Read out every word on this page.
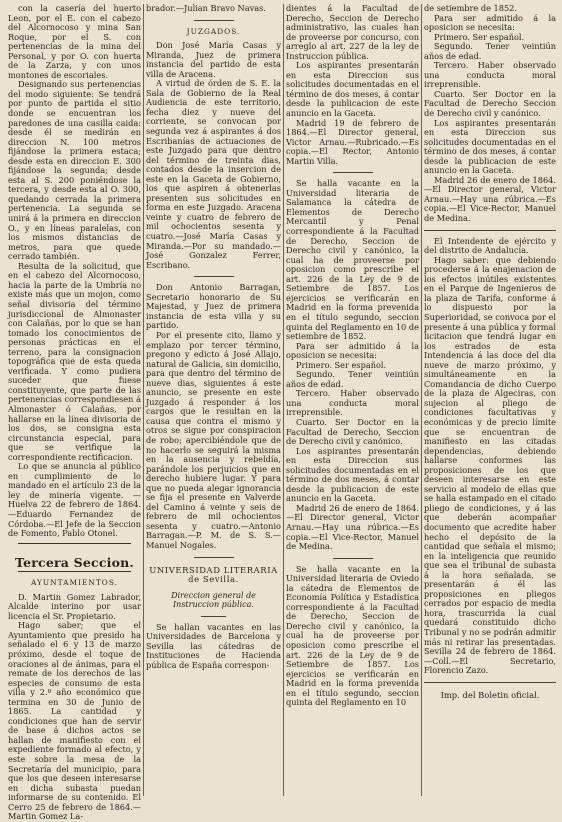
con la casería del huerto Leon, por el E. con el cabezo del Alcornocoso y mina San Roque, por el S. con pertenencias de la mina del Personal, y por O. con huerta de la Zarza, y con unos montones de escoriales.

Designando sus pertenencias del modo siguiente: Se tendrá por punto de partida el sitio donde se encuentran los paredones de una casilla caida: desde él se medirán en direccion N. 100 metros fijándose la primera estaca; desde esta en direccion E. 300 fijándose la segunda; desde esta al S. 200 poniéndose la tercera, y desde esta al O. 300, quedando cerrada la primera pertenencia. La segunda se unirá á la primera en direccion O., y en líneas paralelas, con los mismos distancias de metros, para que quede cerrado también.

Resulta de la solicitud, que en el cabezo del Alcornocoso, hacia la parte de la Umbría no existe más que un mojon, como señal divisoria del término jurisdiccional de Almonaster con Calañas, por lo que se han tomado los conocimientos de personas prácticas en el terreno, para la consignacion topográfica que de esta queda verificada. Y como pudiera suceder que fuese constituyente, que parte de las pertenencias correspondiesen á Almonaster ó Calañas, por hallarse en la línea divisoria de los dos, se consigna esta circunstancia especial, para que se verifique la correspondiente rectificacion.

Lo que se anuncia al público en cumplimiento de lo mandado en el artículo 23 de la ley de minería vigente. —Huelva 22 de febrero de 1864.—Eduardo Fernandez de Córdoba.—El Jefe de la Seccion de Fomento, Pablo Otonel.

Tercera Seccion.
AYUNTAMIENTOS.

D. Martin Gomez Labrador, Alcalde interino por usar licencia el Sr. Propietario.

Hago saber; que el Ayuntamiento que presido ha señalado el 6 y 13 de marzo próximo, desde el toque de oraciones al de ánimas, para el remate de los derechos de las especies de consumo de esta villa y 2.º año económico que termina en 30 de Junio de 1865. La cantidad y condiciones que han de servir de base á dichos actos se hallan de manifiesto con el expediente formado al efecto, y este sobre la mesa de la Secretaría del municipio, para que los que deseen interesarse en dicha subasta puedan informarse de su contenido. El Cerro 25 de febrero de 1864.—Martin Gomez La-

brador.—Julian Bravo Navas.

JUZGADOS.

Don José María Casas y Miranda, Juez de primera instancia del partido de esta villa de Aracena.

A virtud de órden de S. E. la Sala de Gobierno de la Real Audiencia de este territorio, fecha diez y nueve del corriente, se convocan por segunda vez á aspirantes á dos Escribanías de actuaciones de este Juzgado para que dentro del término de treinta dias, contados desde la insercion de este en la Gaceta de Gobierno, los que aspiren á obtenerlas presenten sus solicitudes en forma en este Juzgado. Aracena veinte y cuatro de febrero de mil ochocientos sesenta y cuatro.—José María Casas y Miranda.—Por su mandado.—José Gonzalez Ferrer, Escribano.

Don Antonio Barragan, Secretario honorario de Su Majestad, y Juez de primera instancia de esta villa y su partido.

Por el presente cito, llamo y emplazo por tercer término, pregono y edicto á José Allajo, natural de Galicia, sin domicilio, para que dentro del término de nueve dias, siguientes á este anuncio, se presente en este Juzgado á responder á los cargos que le resultan en la causa que contra el mismo y otros se sigue por conspiracion de robo; apercibiéndole que de no hacerlo se seguirá la misma en la ausencia y rebeldía, parándole los perjuicios que en derecho hubiere lugar. Y para que no pueda alegar ignorancia se fija el presente en Valverde del Camino á veinte y seis de febrero de mil ochocientos sesenta y cuatro.—Antonio Barragan.—P. M. de S. S.—Manuel Nogales.

UNIVERSIDAD LITERARIA de Sevilla.
Direccion general de Instruccion pública.

Se hallan vacantes en las Universidades de Barcelona y Sevilla las cátedras de Instituciones de Hacienda pública de España correspon-

dientes á la Facultad de Derecho, Seccion de Derecho administrativo, las cuales han de proveerse por concurso, con arreglo al art. 227 de la ley de Instruccion pública.

Los aspirantes presentarán en esta Direccion sus solicitudes documentadas en el término de dos meses, á contar desde la publicacion de este anuncio en la Gaceta.

Madrid 19 de febrero de 1864.—El Director general, Victor Arnau.—Rubricado.—Es copia.—El Rector, Antonio Martin Villa.

Se halla vacante en la Universidad literaria de Salamanca la cátedra de Elementos de Derecho Mercantil y Penal correspondiente á la Facultad de Derecho, Seccion de Derecho civil y canónico, la cual ha de proveerse por oposicion como prescribe el art. 226 de la Ley de 9 de Setiembre de 1857. Los ejercicios se verificarán en Madrid en la forma prevenida en el título segundo, seccion quinta del Reglamento en 10 de setiembre de 1852.

Para ser admitido á la oposicion se necesita:

Primero. Ser español.

Segundo. Tener veintiún años de edad.

Tercero. Haber observado una conducta moral irreprensible.

Cuarto. Ser Doctor en la Facultad de Derecho, Seccion de Derecho civil y canónico.

Los aspirantes presentarán en esta Direccion sus solicitudes documentadas en el término de dos meses, á contar desde la publicacion de este anuncio en la Gaceta.

Madrid 26 de enero de 1864.—El Director general, Victor Arnau.—Hay una rúbrica.—Es copia.—El Vice-Rector, Manuel de Medina.

Se halla vacante en la Universidad literaria de Oviedo la cátedra de Elementos de Economía Política y Estadística correspondiente á la Facultad de Derecho, Seccion de Derecho civil y canónico, la cual ha de proveerse por oposicion como prescribe el art. 226 de la Ley de 9 de Setiembre de 1857. Los ejercicios se verificarán en Madrid en la forma prevenida en el título segundo, seccion quinta del Reglamento en 10

de setiembre de 1852.

Para ser admitido á la oposicion se necesita:

Primero. Ser español.

Segundo. Tener veintiún años de edad.

Tercero. Haber observado una conducta moral irreprensible.

Cuarto. Ser Doctor en la Facultad de Derecho Seccion de Derecho civil y canónico.

Los aspirantes presentarán en esta Direccion sus solicitudes documentadas en el término de dos meses, á contar desde la publicacion de este anuncio en la Gaceta.

Madrid 26 de enero de 1864.—El Director general, Victor Arnau.—Hay una rúbrica.—Es copia.—El Vice-Rector, Manuel de Medina.

El Intendente de ejército y del distrito de Andalucía.

Hago saber: que debiendo procederse á la enajenacion de los efectos inútiles existentes en el Parque de Ingenieros de la plaza de Tarifa, conforme á lo dispuesto por la Superioridad, se convoca por el presente á una pública y formal licitacion que tendrá lugar en los estrados de esta Intendencia á las doce del dia nueve de marzo próximo, y simultáneamente en la Comandancia de dicho Cuerpo de la plaza de Algeciras, con sujecion al pliego de condiciones facultativas y económicas y de precio límite que se encuentran de manifiesto en las citadas dependencias, debiendo hallarse conformes las proposiciones de los que deseen interesarse en este servicio al modelo de ellas que se halla estampado en el citado pliego de condiciones, y á las que deberán acompañar documento que acredite haber hecho el depósito de la cantidad que señala el mismo; en la inteligencia que reunido que sea el tribunal de subasta á la hora señalada, se presentarán á él las proposiciones en pliegos cerrados por espacio de media hora, trascurrida la cual quedará constituido dicho Tribunal y no se podrán admitir más ni retirar las presentadas. Sevilla 24 de febrero de 1864.—Coll.—El Secretario, Florencio Zazo.

Imp. del Boletin oficial.
